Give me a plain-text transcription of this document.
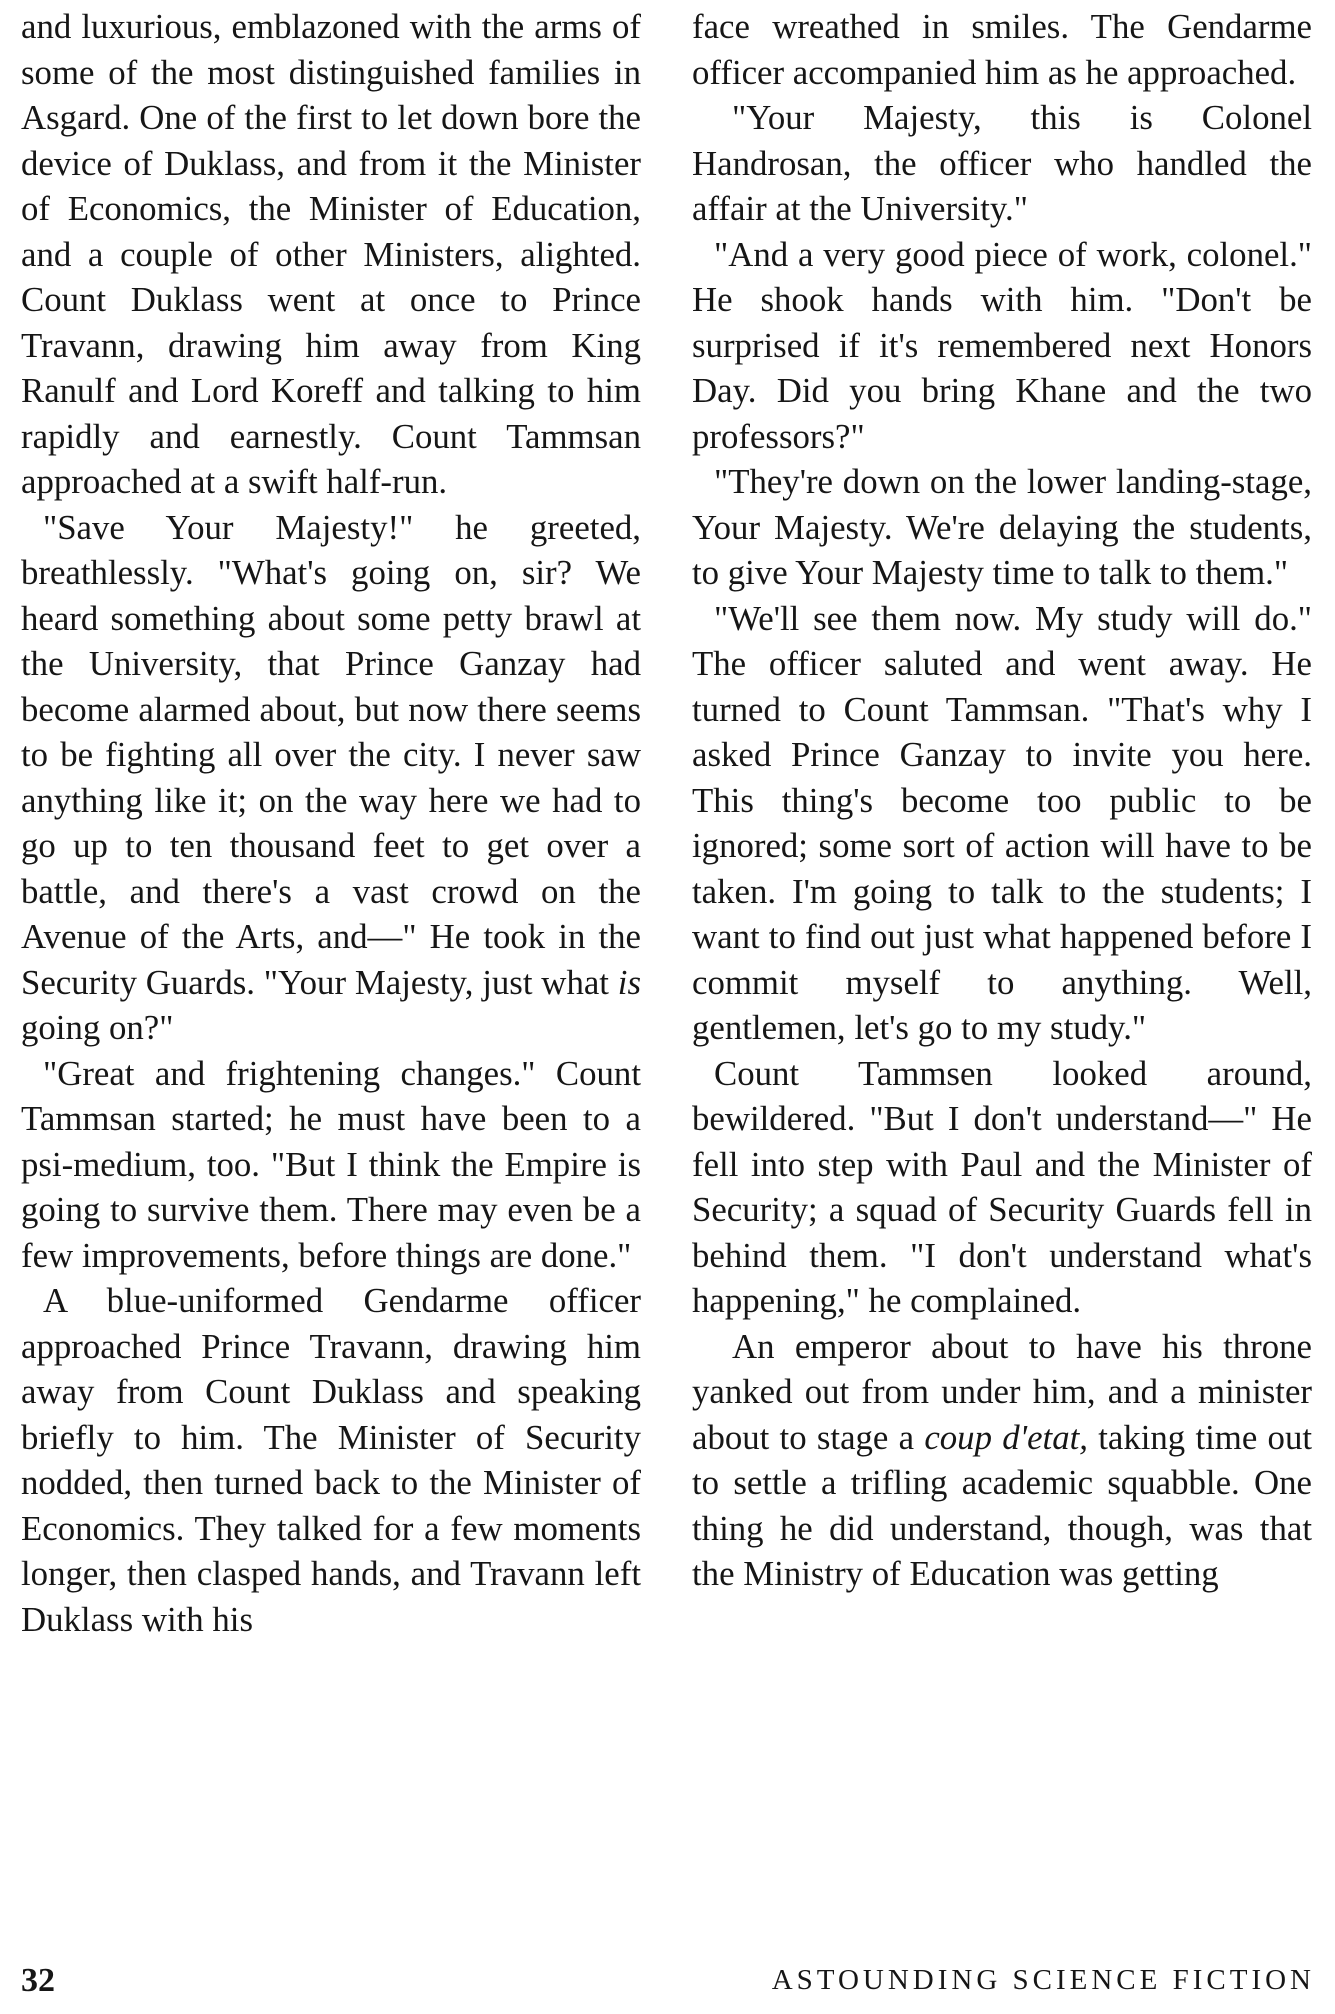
and luxurious, emblazoned with the arms of some of the most distinguished families in Asgard. One of the first to let down bore the device of Duklass, and from it the Minister of Economics, the Minister of Education, and a couple of other Ministers, alighted. Count Duklass went at once to Prince Travann, drawing him away from King Ranulf and Lord Koreff and talking to him rapidly and earnestly. Count Tammsan approached at a swift half-run.

"Save Your Majesty!" he greeted, breathlessly. "What's going on, sir? We heard something about some petty brawl at the University, that Prince Ganzay had become alarmed about, but now there seems to be fighting all over the city. I never saw anything like it; on the way here we had to go up to ten thousand feet to get over a battle, and there's a vast crowd on the Avenue of the Arts, and—" He took in the Security Guards. "Your Majesty, just what is going on?"

"Great and frightening changes." Count Tammsan started; he must have been to a psi-medium, too. "But I think the Empire is going to survive them. There may even be a few improvements, before things are done."

A blue-uniformed Gendarme officer approached Prince Travann, drawing him away from Count Duklass and speaking briefly to him. The Minister of Security nodded, then turned back to the Minister of Economics. They talked for a few moments longer, then clasped hands, and Travann left Duklass with his

face wreathed in smiles. The Gendarme officer accompanied him as he approached.

"Your Majesty, this is Colonel Handrosan, the officer who handled the affair at the University."

"And a very good piece of work, colonel." He shook hands with him. "Don't be surprised if it's remembered next Honors Day. Did you bring Khane and the two professors?"

"They're down on the lower landing-stage, Your Majesty. We're delaying the students, to give Your Majesty time to talk to them."

"We'll see them now. My study will do." The officer saluted and went away. He turned to Count Tammsan. "That's why I asked Prince Ganzay to invite you here. This thing's become too public to be ignored; some sort of action will have to be taken. I'm going to talk to the students; I want to find out just what happened before I commit myself to anything. Well, gentlemen, let's go to my study."

Count Tammsen looked around, bewildered. "But I don't understand—" He fell into step with Paul and the Minister of Security; a squad of Security Guards fell in behind them. "I don't understand what's happening," he complained.

An emperor about to have his throne yanked out from under him, and a minister about to stage a coup d'etat, taking time out to settle a trifling academic squabble. One thing he did understand, though, was that the Ministry of Education was getting

32	ASTOUNDING SCIENCE FICTION
